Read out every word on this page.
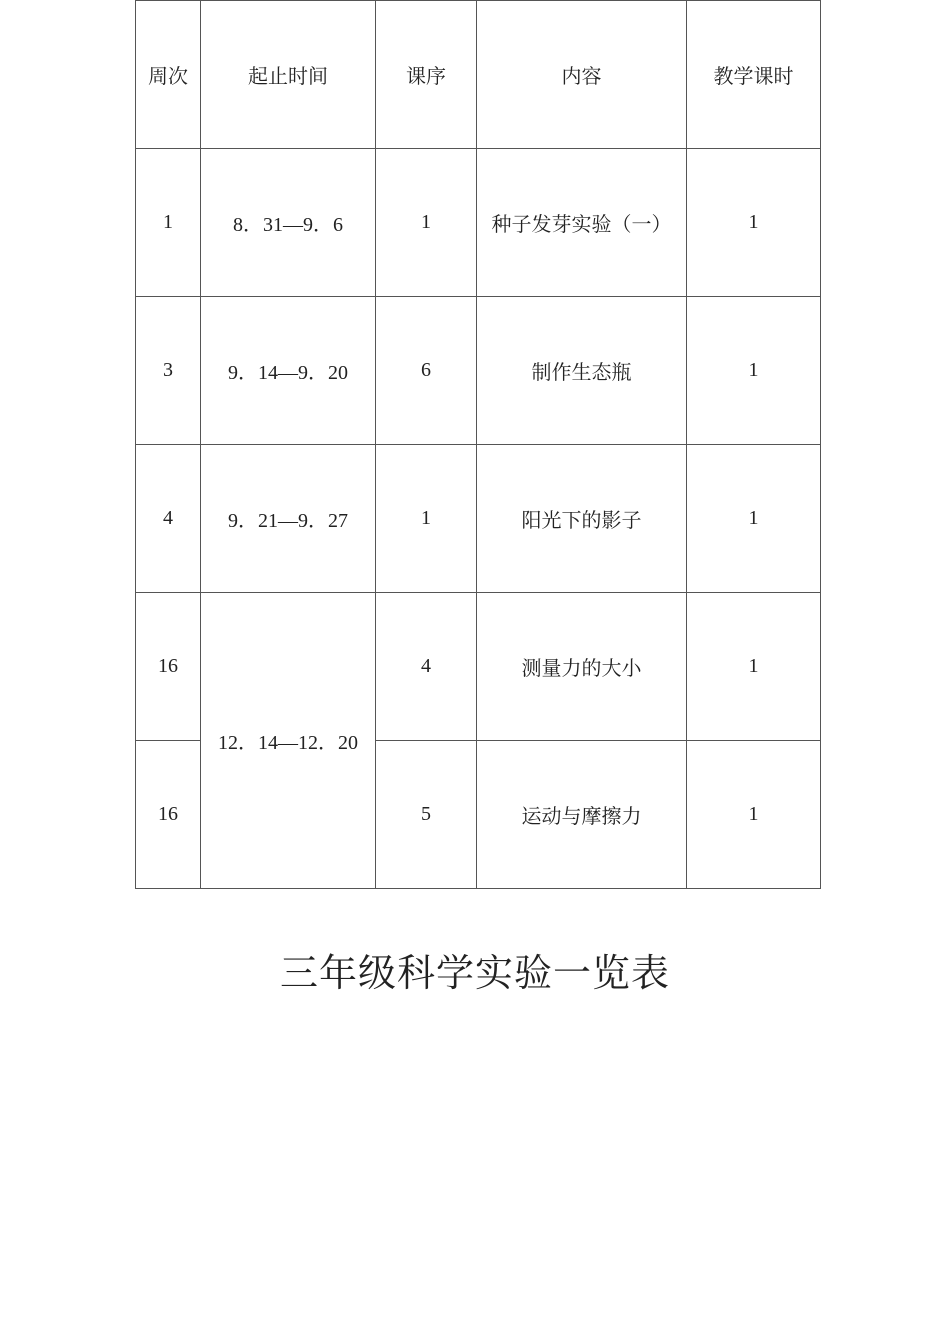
周次	起止时间	课序	内容	教学课时
1	8．31—9．6	1	种子发芽实验（一）	1
3	9．14—9．20	6	制作生态瓶	1
4	9．21—9．27	1	阳光下的影子	1
16	12．14—12．20	4	测量力的大小	1
16		5	运动与摩擦力	1
三年级科学实验一览表
